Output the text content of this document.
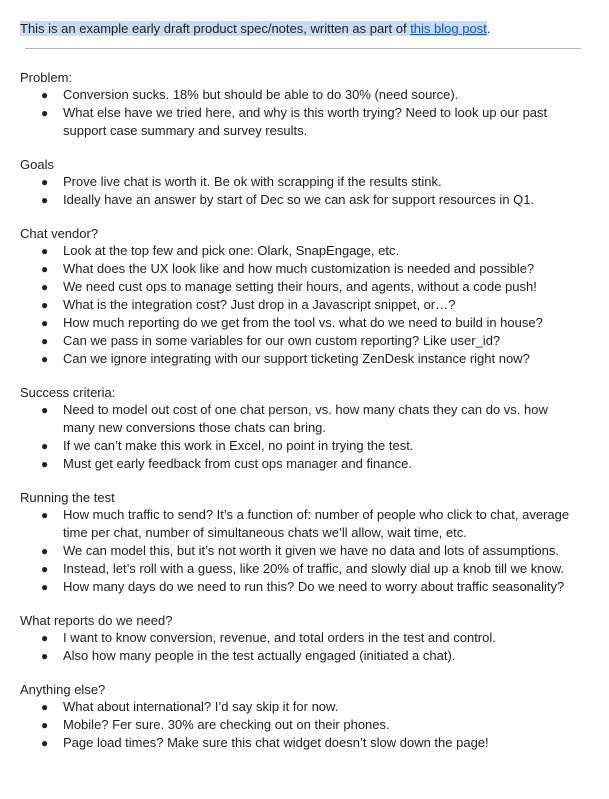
This is an example early draft product spec/notes, written as part of this blog post.

Problem:
● Conversion sucks. 18% but should be able to do 30% (need source).
● What else have we tried here, and why is this worth trying? Need to look up our past support case summary and survey results.
Goals
● Prove live chat is worth it. Be ok with scrapping if the results stink.
● Ideally have an answer by start of Dec so we can ask for support resources in Q1.
Chat vendor?
● Look at the top few and pick one: Olark, SnapEngage, etc.
● What does the UX look like and how much customization is needed and possible?
● We need cust ops to manage setting their hours, and agents, without a code push!
● What is the integration cost? Just drop in a Javascript snippet, or…?
● How much reporting do we get from the tool vs. what do we need to build in house?
● Can we pass in some variables for our own custom reporting? Like user_id?
● Can we ignore integrating with our support ticketing ZenDesk instance right now?
Success criteria:
● Need to model out cost of one chat person, vs. how many chats they can do vs. how many new conversions those chats can bring.
● If we can’t make this work in Excel, no point in trying the test.
● Must get early feedback from cust ops manager and finance.
Running the test
● How much traffic to send? It’s a function of: number of people who click to chat, average time per chat, number of simultaneous chats we’ll allow, wait time, etc.
● We can model this, but it’s not worth it given we have no data and lots of assumptions.
● Instead, let’s roll with a guess, like 20% of traffic, and slowly dial up a knob till we know.
● How many days do we need to run this? Do we need to worry about traffic seasonality?
What reports do we need?
● I want to know conversion, revenue, and total orders in the test and control.
● Also how many people in the test actually engaged (initiated a chat).
Anything else?
● What about international? I’d say skip it for now.
● Mobile? Fer sure. 30% are checking out on their phones.
● Page load times? Make sure this chat widget doesn’t slow down the page!
